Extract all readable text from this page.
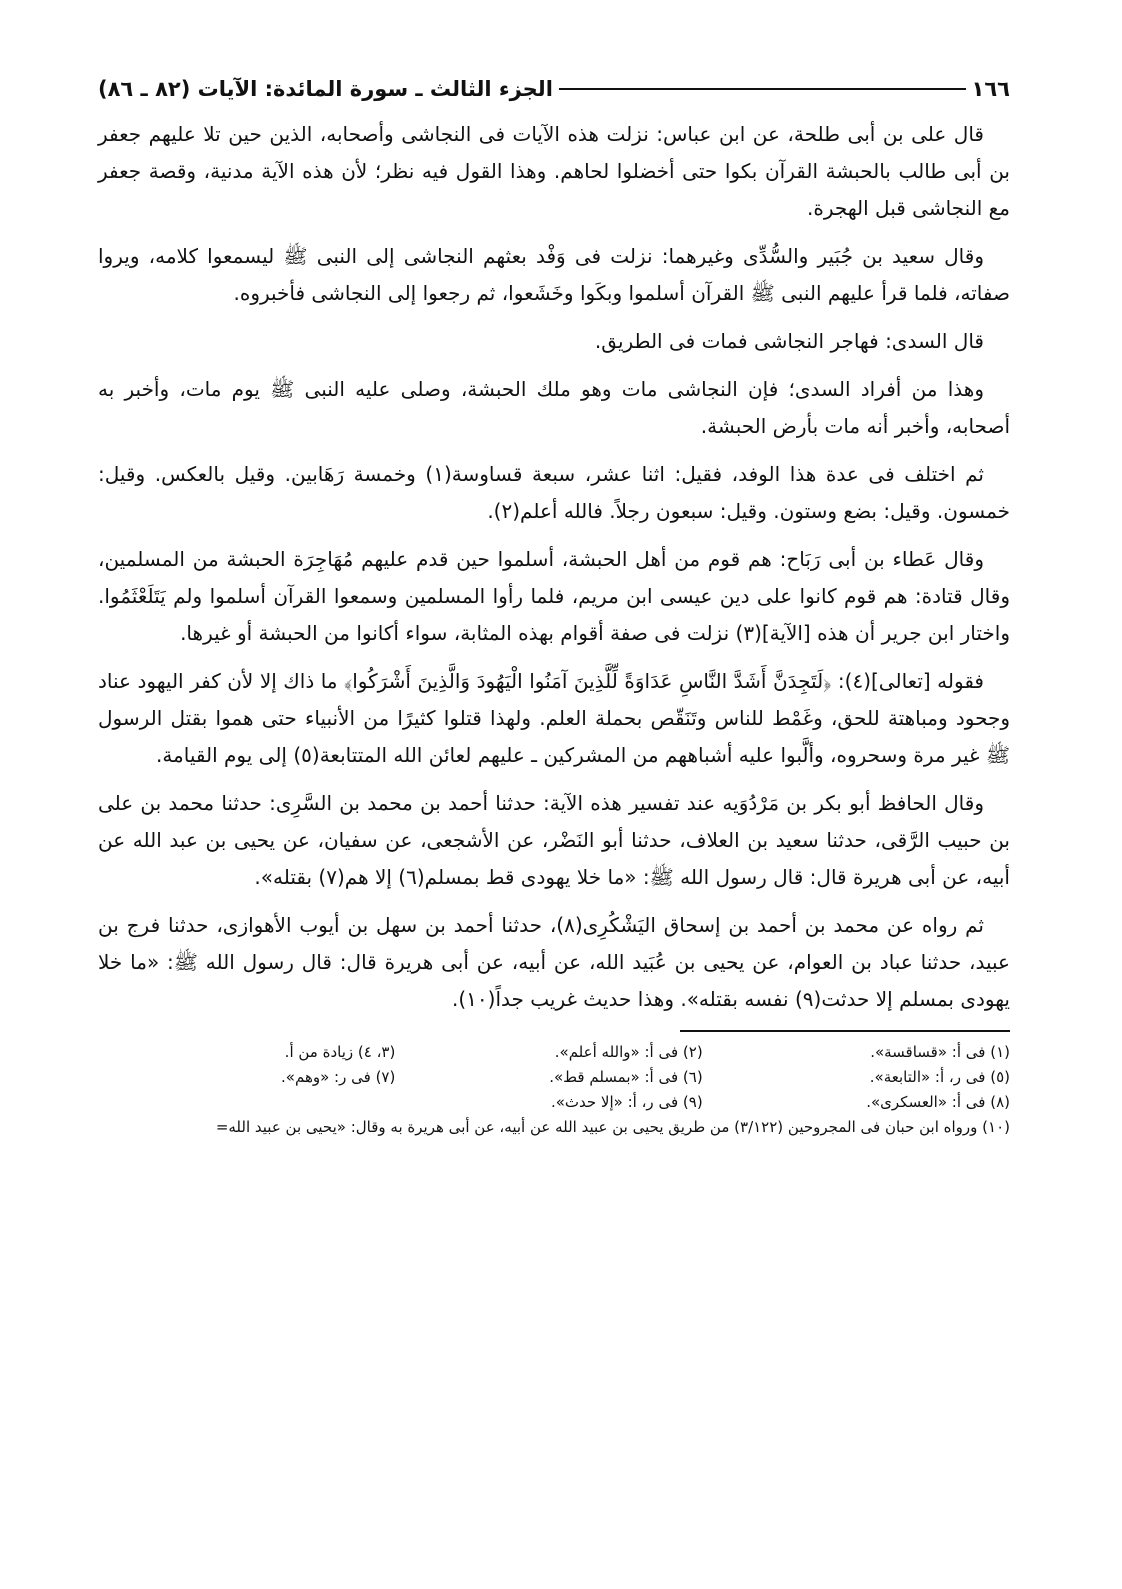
١٦٦
الجزء الثالث ـ سورة المائدة: الآيات (٨٢ ـ ٨٦)

قال على بن أبى طلحة، عن ابن عباس: نزلت هذه الآيات فى النجاشى وأصحابه، الذين حين تلا عليهم جعفر بن أبى طالب بالحبشة القرآن بكوا حتى أخضلوا لحاهم. وهذا القول فيه نظر؛ لأن هذه الآية مدنية، وقصة جعفر مع النجاشى قبل الهجرة.

وقال سعيد بن جُبَير والسُّدِّى وغيرهما: نزلت فى وَفْد بعثهم النجاشى إلى النبى ﷺ ليسمعوا كلامه، ويروا صفاته، فلما قرأ عليهم النبى ﷺ القرآن أسلموا وبكَوا وخَشَعوا، ثم رجعوا إلى النجاشى فأخبروه.

قال السدى: فهاجر النجاشى فمات فى الطريق.

وهذا من أفراد السدى؛ فإن النجاشى مات وهو ملك الحبشة، وصلى عليه النبى ﷺ يوم مات، وأخبر به أصحابه، وأخبر أنه مات بأرض الحبشة.

ثم اختلف فى عدة هذا الوفد، فقيل: اثنا عشر، سبعة قساوسة(١) وخمسة رَهَابين. وقيل بالعكس. وقيل: خمسون. وقيل: بضع وستون. وقيل: سبعون رجلاً. فالله أعلم(٢).

وقال عَطاء بن أبى رَبَاح: هم قوم من أهل الحبشة، أسلموا حين قدم عليهم مُهَاجِرَة الحبشة من المسلمين، وقال قتادة: هم قوم كانوا على دين عيسى ابن مريم، فلما رأوا المسلمين وسمعوا القرآن أسلموا ولم يَتَلَعْثَمُوا. واختار ابن جرير أن هذه [الآية](٣) نزلت فى صفة أقوام بهذه المثابة، سواء أكانوا من الحبشة أو غيرها.

فقوله [تعالى](٤): ﴿لَتَجِدَنَّ أَشَدَّ النَّاسِ عَدَاوَةً لِّلَّذِينَ آمَنُوا الْيَهُودَ وَالَّذِينَ أَشْرَكُوا﴾ ما ذاك إلا لأن كفر اليهود عناد وجحود ومباهتة للحق، وغَمْط للناس وتَنَقّص بحملة العلم. ولهذا قتلوا كثيرًا من الأنبياء حتى هموا بقتل الرسول ﷺ غير مرة وسحروه، وألَّبوا عليه أشباههم من المشركين ـ عليهم لعائن الله المتتابعة(٥) إلى يوم القيامة.

وقال الحافظ أبو بكر بن مَرْدُوَيه عند تفسير هذه الآية: حدثنا أحمد بن محمد بن السَّرِى: حدثنا محمد بن على بن حبيب الرَّقى، حدثنا سعيد بن العلاف، حدثنا أبو النَضْر، عن الأشجعى، عن سفيان، عن يحيى بن عبد الله عن أبيه، عن أبى هريرة قال: قال رسول الله ﷺ: «ما خلا يهودى قط بمسلم(٦) إلا هم(٧) بقتله».

ثم رواه عن محمد بن أحمد بن إسحاق اليَشْكُرِى(٨)، حدثنا أحمد بن سهل بن أيوب الأهوازى، حدثنا فرج بن عبيد، حدثنا عباد بن العوام، عن يحيى بن عُبَيد الله، عن أبيه، عن أبى هريرة قال: قال رسول الله ﷺ: «ما خلا يهودى بمسلم إلا حدثت(٩) نفسه بقتله». وهذا حديث غريب جداً(١٠).

(١) فى أ: «قساقسة».
(٢) فى أ: «والله أعلم».
(٣، ٤) زيادة من أ.
(٥) فى ر، أ: «التابعة».
(٦) فى أ: «بمسلم قط».
(٧) فى ر: «وهم».
(٨) فى أ: «العسكرى».
(٩) فى ر، أ: «إلا حدث».
(١٠) ورواه ابن حبان فى المجروحين (٣/١٢٢) من طريق يحيى بن عبيد الله عن أبيه، عن أبى هريرة به وقال: «يحيى بن عبيد الله=
